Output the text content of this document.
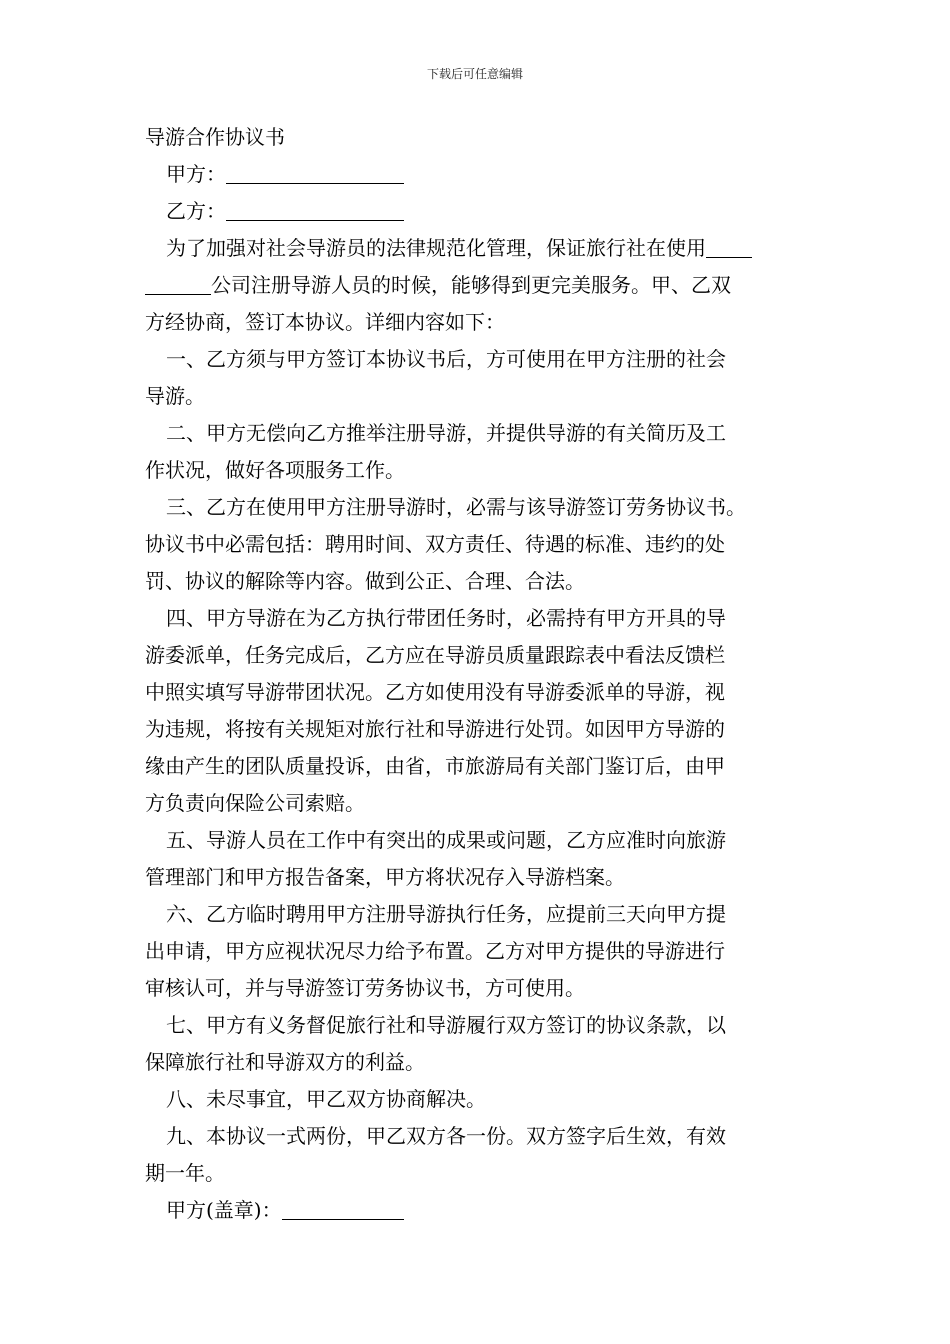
下载后可任意编辑
导游合作协议书
甲方：
乙方：
为了加强对社会导游员的法律规范化管理，保证旅行社在使用
公司注册导游人员的时候，能够得到更完美服务。甲、乙双
方经协商，签订本协议。详细内容如下：
一、乙方须与甲方签订本协议书后，方可使用在甲方注册的社会
导游。
二、甲方无偿向乙方推举注册导游，并提供导游的有关简历及工
作状况，做好各项服务工作。
三、乙方在使用甲方注册导游时，必需与该导游签订劳务协议书。
协议书中必需包括：聘用时间、双方责任、待遇的标准、违约的处
罚、协议的解除等内容。做到公正、合理、合法。
四、甲方导游在为乙方执行带团任务时，必需持有甲方开具的导
游委派单，任务完成后，乙方应在导游员质量跟踪表中看法反馈栏
中照实填写导游带团状况。乙方如使用没有导游委派单的导游，视
为违规，将按有关规矩对旅行社和导游进行处罚。如因甲方导游的
缘由产生的团队质量投诉，由省，市旅游局有关部门鉴订后，由甲
方负责向保险公司索赔。
五、导游人员在工作中有突出的成果或问题，乙方应准时向旅游
管理部门和甲方报告备案，甲方将状况存入导游档案。
六、乙方临时聘用甲方注册导游执行任务，应提前三天向甲方提
出申请，甲方应视状况尽力给予布置。乙方对甲方提供的导游进行
审核认可，并与导游签订劳务协议书，方可使用。
七、甲方有义务督促旅行社和导游履行双方签订的协议条款，以
保障旅行社和导游双方的利益。
八、未尽事宜，甲乙双方协商解决。
九、本协议一式两份，甲乙双方各一份。双方签字后生效，有效
期一年。
甲方(盖章)：
